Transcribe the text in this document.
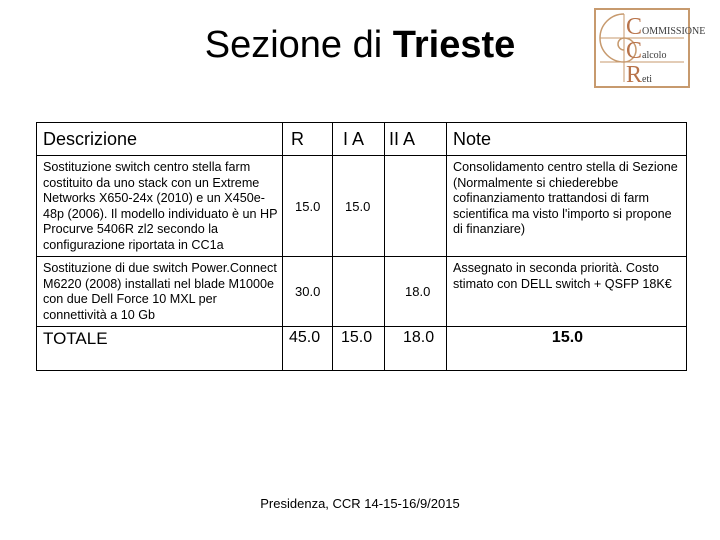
Sezione di Trieste	COMMISSIONE
Calcolo
Reti
Descrizione	R	I A	II A	Note
Sostituzione switch centro stella farm costituito da uno stack con un Extreme Networks X650-24x (2010) e un X450e-48p (2006). Il modello individuato è un HP Procurve 5406R zl2 secondo la configurazione riportata in CC1a	15.0	15.0		Consolidamento centro stella di Sezione (Normalmente si chiederebbe cofinanziamento trattandosi di farm scientifica ma visto l'importo si propone di finanziare)
Sostituzione di due switch Power.Connect M6220 (2008) installati nel blade M1000e con due Dell Force 10 MXL per connettività a 10 Gb	30.0		18.0	Assegnato in seconda priorità. Costo stimato con DELL switch + QSFP 18K€
TOTALE	45.0	15.0	18.0	15.0
Presidenza, CCR 14-15-16/9/2015
